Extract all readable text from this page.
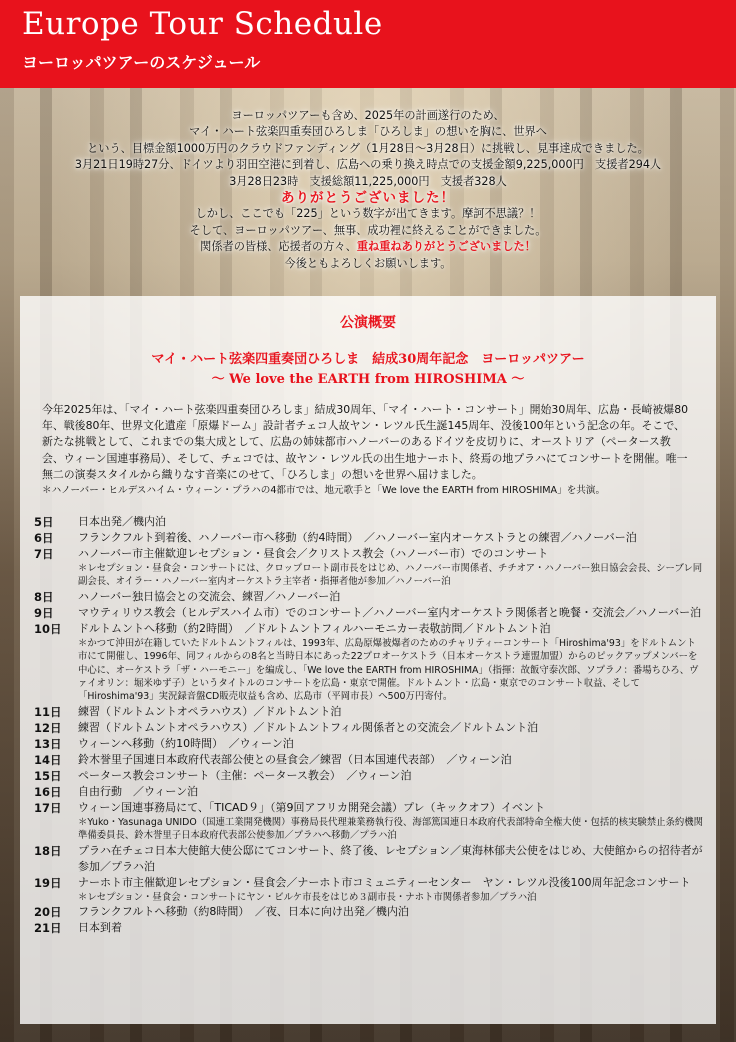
Europe Tour Schedule
ヨーロッパツアーのスケジュール
ヨーロッパツアーも含め、2025年の計画遂行のため、
マイ・ハート弦楽四重奏団ひろしま「ひろしま」の想いを胸に、世界へ
という、目標金額1000万円のクラウドファンディング（1月28日〜3月28日）に挑戦し、見事達成できました。
3月21日19時27分、ドイツより羽田空港に到着し、広島への乗り換え時点での支援金額9,225,000円　支援者294人
3月28日23時　支援総額11,225,000円　支援者328人
ありがとうございました！
しかし、ここでも「225」という数字が出てきます。摩訶不思議？！
そして、ヨーロッパツアー、無事、成功裡に終えることができました。
関係者の皆様、応援者の方々、重ね重ねありがとうございました！
今後ともよろしくお願いします。
公演概要
マイ・ハート弦楽四重奏団ひろしま　結成30周年記念　ヨーロッパツアー
〜 We love the EARTH from HIROSHIMA 〜
今年2025年は、「マイ・ハート弦楽四重奏団ひろしま」結成30周年、「マイ・ハート・コンサート」開始30周年、広島・長崎被爆80年、戦後80年、世界文化遺産「原爆ドーム」設計者チェコ人故ヤン・レツル氏生誕145周年、没後100年という記念の年。そこで、新たな挑戦として、これまでの集大成として、広島の姉妹都市ハノーバーのあるドイツを皮切りに、オーストリア（ペータース教会、ウィーン国連事務局）、そして、チェコでは、故ヤン・レツル氏の出生地ナーホト、終焉の地プラハにてコンサートを開催。唯一無二の演奏スタイルから織りなす音楽にのせて、「ひろしま」の想いを世界へ届けました。
＊ハノーバー・ヒルデスハイム・ウィーン・プラハの4都市では、地元歌手と「We love the EARTH from HIROSHIMA」を共演。
5日	日本出発／機内泊
6日	フランクフルト到着後、ハノーバー市へ移動（約4時間）　／ハノーバー室内オーケストラとの練習／ハノーバー泊
7日	ハノーバー市主催歓迎レセプション・昼食会／クリストス教会（ハノーバー市）でのコンサート
＊レセプション・昼食会・コンサートには、クロップロート副市長をはじめ、ハノーバー市関係者、チチオア・ハノーバー独日協会会長、シーブレ同副会長、オイラー・ハノーバー室内オーケストラ主宰者・指揮者他が参加／ハノーバー泊
8日	ハノーバー独日協会との交流会、練習／ハノーバー泊
9日	マウティリウス教会（ヒルデスハイム市）でのコンサート／ハノーバー室内オーケストラ関係者と晩餐・交流会／ハノーバー泊
10日	ドルトムントへ移動（約2時間）　／ドルトムントフィルハーモニカー表敬訪問／ドルトムント泊
＊かつて沖田が在籍していたドルトムントフィルは、1993年、広島原爆被爆者のためのチャリティーコンサート「Hiroshima'93」をドルトムント市にて開催し、1996年、同フィルからの8名と当時日本にあった22プロオーケストラ（日本オーケストラ連盟加盟）からのピックアップメンバーを中心に、オーケストラ「ザ・ハーモニー」を編成し、「We love the EARTH from HIROSHIMA」（指揮：故飯守泰次郎、ソプラノ：番場ちひろ、ヴァイオリン：堀米ゆず子）というタイトルのコンサートを広島・東京で開催。ドルトムント・広島・東京でのコンサート収益、そして「Hiroshima'93」実況録音盤CD販売収益も含め、広島市（平岡市長）へ500万円寄付。
11日	練習（ドルトムントオペラハウス）／ドルトムント泊
12日	練習（ドルトムントオペラハウス）／ドルトムントフィル関係者との交流会／ドルトムント泊
13日	ウィーンへ移動（約10時間）　／ウィーン泊
14日	鈴木誉里子国連日本政府代表部公使との昼食会／練習（日本国連代表部）　／ウィーン泊
15日	ペータース教会コンサート（主催：ペータース教会）　／ウィーン泊
16日	自由行動　／ウィーン泊
17日	ウィーン国連事務局にて、「TICAD９」（第9回アフリカ開発会議）プレ（キックオフ）イベント
＊Yuko・Yasunaga UNIDO（国連工業開発機関）事務局長代理兼業務執行役、海部篤国連日本政府代表部特命全権大使・包括的核実験禁止条約機関準備委員長、鈴木誉里子日本政府代表部公使参加／プラハへ移動／プラハ泊
18日	プラハ在チェコ日本大使館大使公邸にてコンサート、終了後、レセプション／東海林郁夫公使をはじめ、大使館からの招待者が参加／プラハ泊
19日	ナーホト市主催歓迎レセプション・昼食会／ナーホト市コミュニティーセンター　ヤン・レツル没後100周年記念コンサート
＊レセプション・昼食会・コンサートにヤン・ビルケ市長をはじめ３副市長・ナホト市関係者参加／プラハ泊
20日	フランクフルトへ移動（約8時間）　／夜、日本に向け出発／機内泊
21日	日本到着
